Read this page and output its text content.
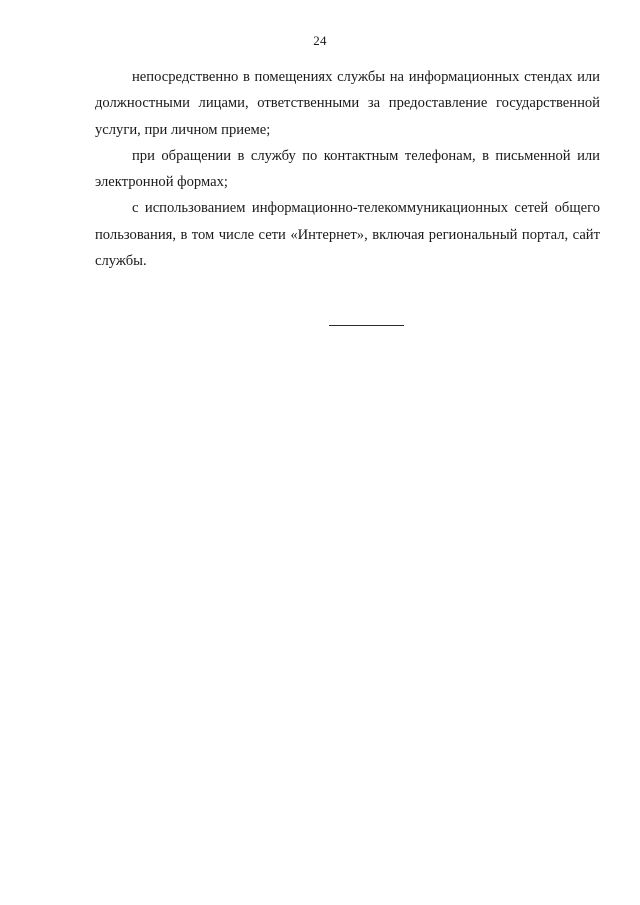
24

непосредственно в помещениях службы на информационных стендах или должностными лицами, ответственными за предоставление государственной услуги, при личном приеме;

при обращении в службу по контактным телефонам, в письменной или электронной формах;

с использованием информационно-телекоммуникационных сетей общего пользования, в том числе сети «Интернет», включая региональный портал, сайт службы.
